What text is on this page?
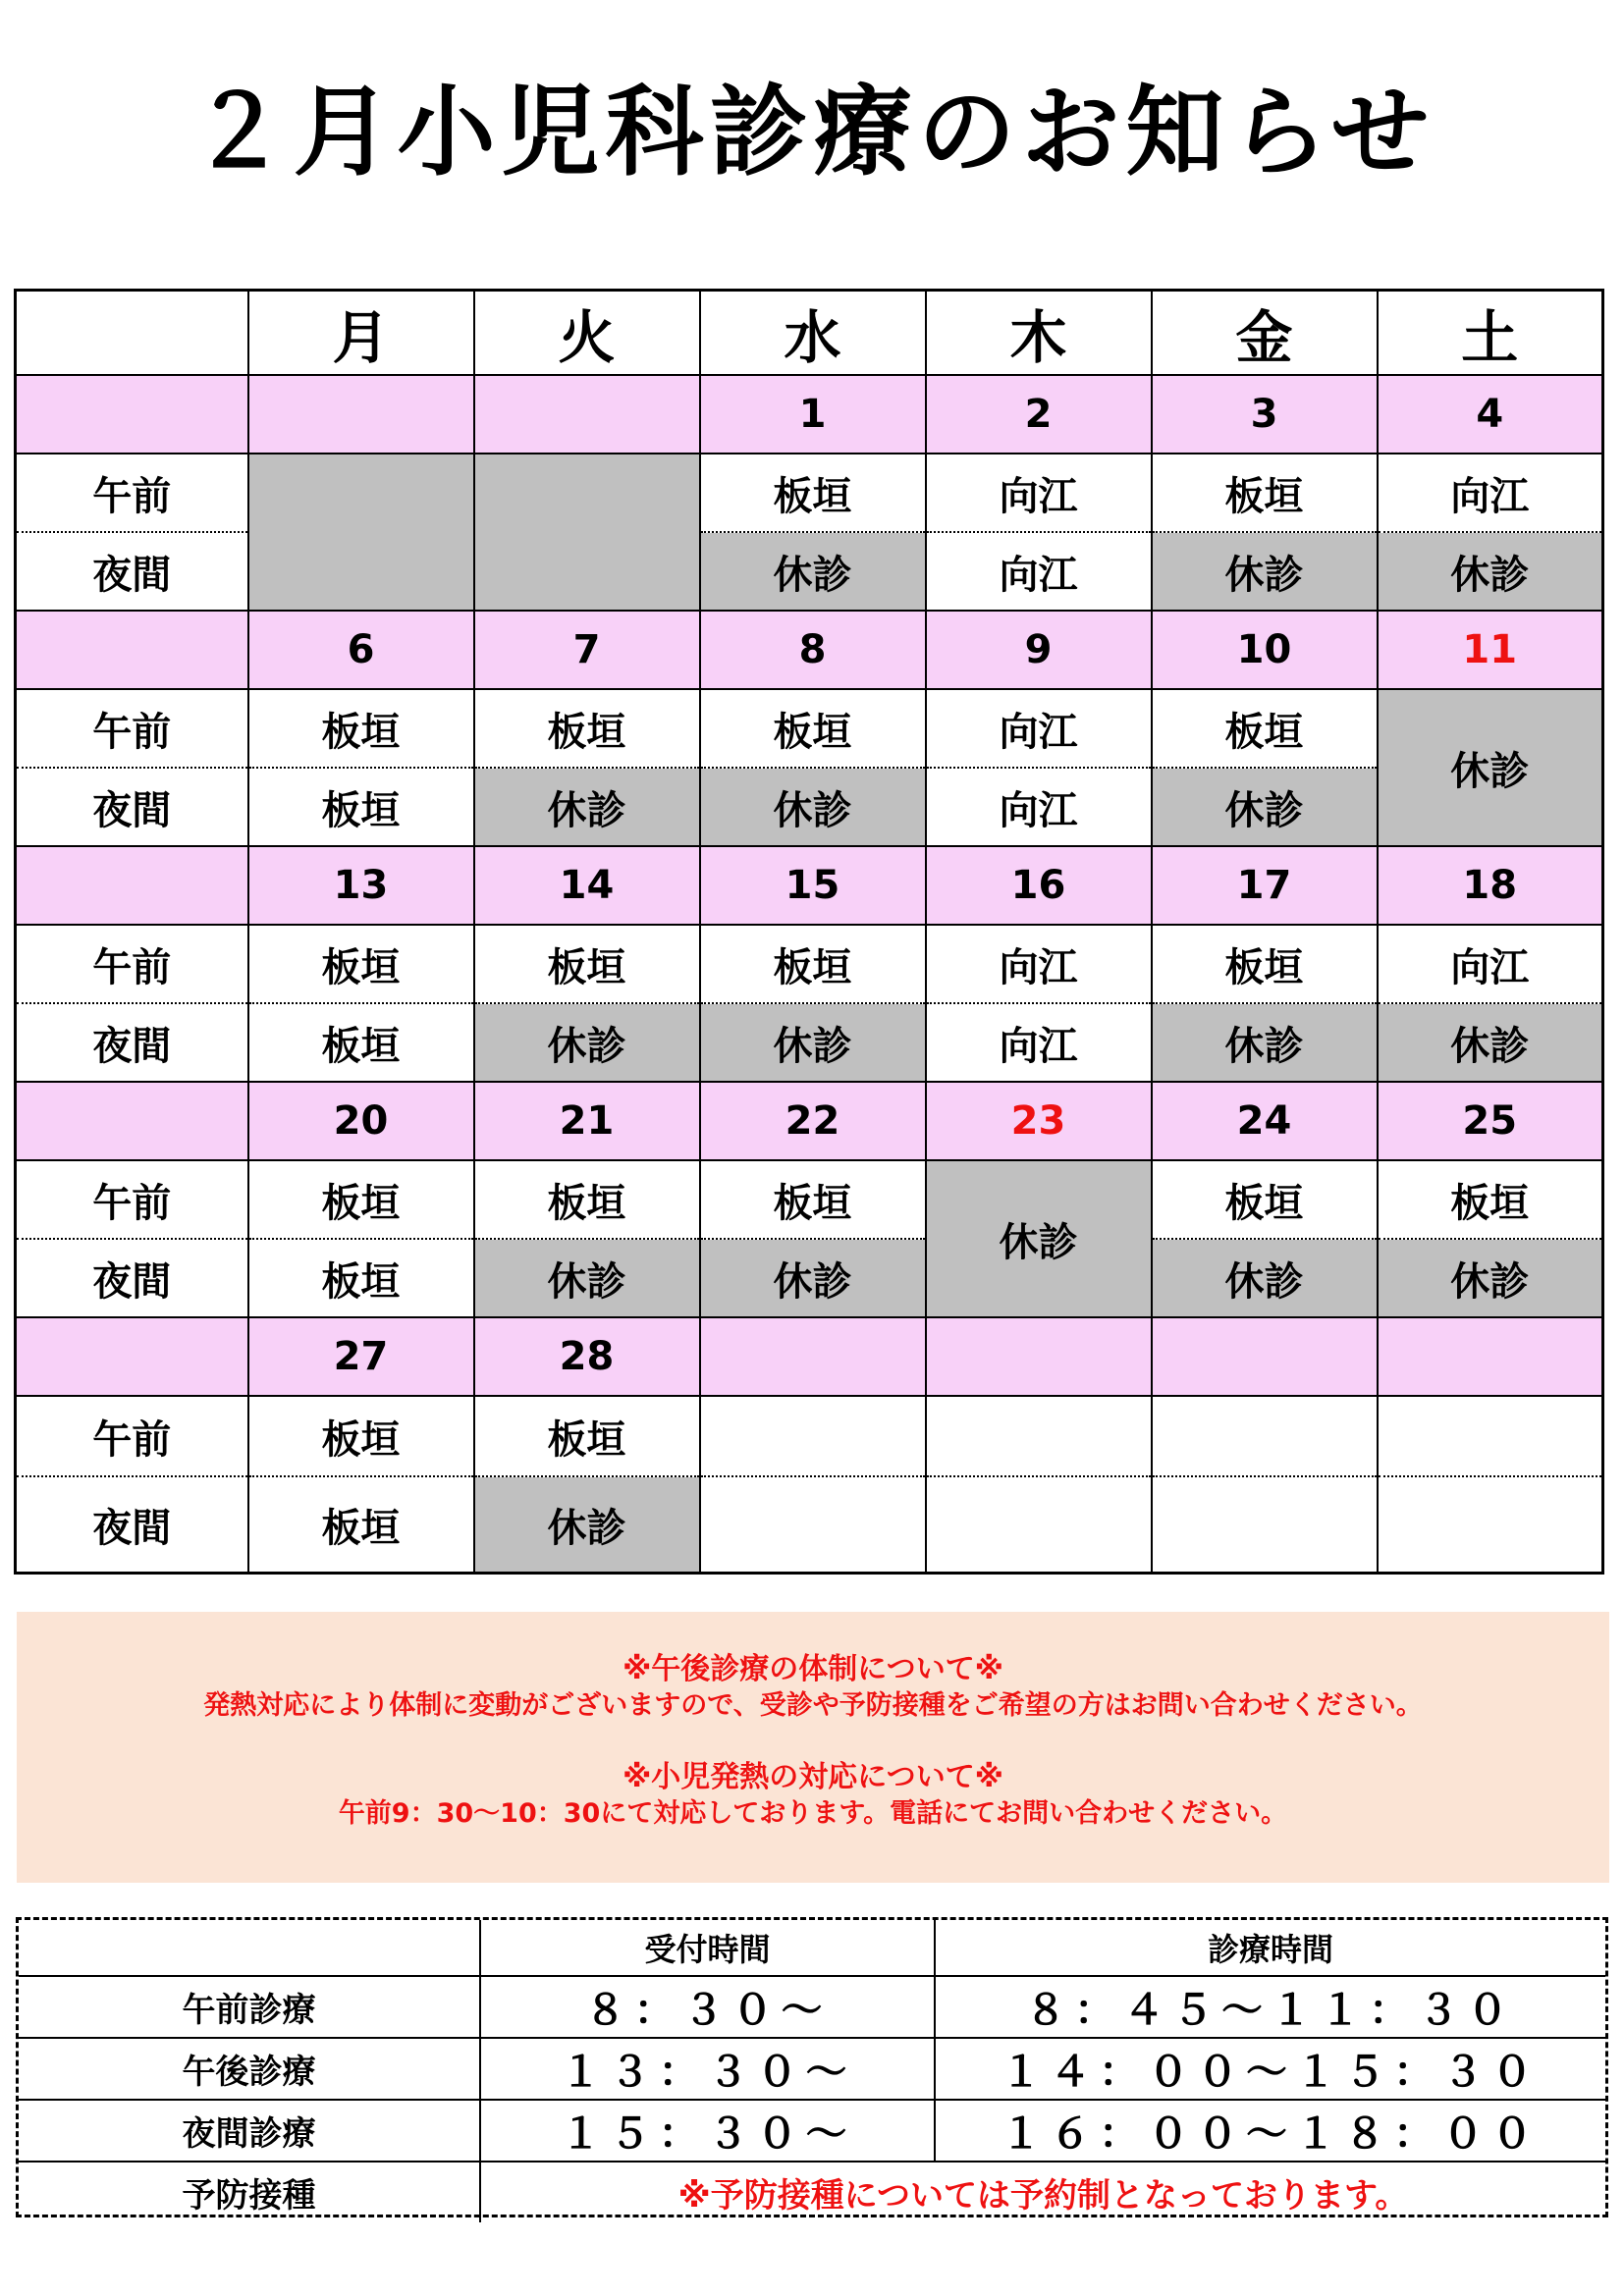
２月小児科診療のお知らせ
	月	火	水	木	金	土
			1	2	3	4
午前			板垣	向江	板垣	向江
夜間			休診	向江	休診	休診
	6	7	8	9	10	11
午前	板垣	板垣	板垣	向江	板垣	休診
夜間	板垣	休診	休診	向江	休診	
	13	14	15	16	17	18
午前	板垣	板垣	板垣	向江	板垣	向江
夜間	板垣	休診	休診	向江	休診	休診
	20	21	22	23	24	25
午前	板垣	板垣	板垣	休診	板垣	板垣
夜間	板垣	休診	休診		休診	休診
	27	28				
午前	板垣	板垣				
夜間	板垣	休診				
※午後診療の体制について※
発熱対応により体制に変動がございますので、受診や予防接種をご希望の方はお問い合わせください。
※小児発熱の対応について※
午前9：30～10：30にて対応しております。電話にてお問い合わせください。
	受付時間	診療時間
午前診療	８：３０～	８：４５～１１：３０
午後診療	１３：３０～	１４：００～１５：３０
夜間診療	１５：３０～	１６：００～１８：００
予防接種	※予防接種については予約制となっております。	
